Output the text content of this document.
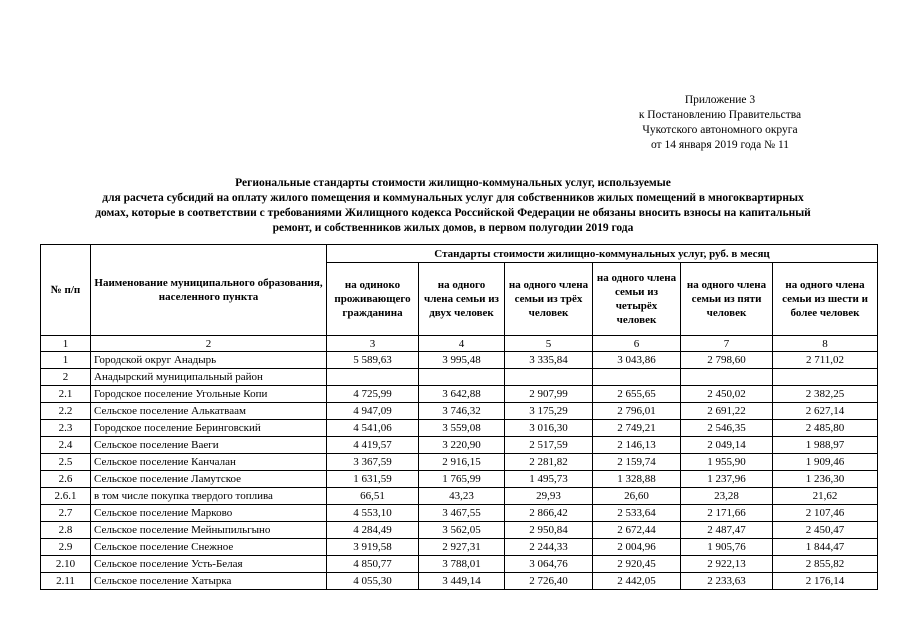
Приложение 3
к Постановлению Правительства
Чукотского автономного округа
от 14 января 2019 года № 11
Региональные стандарты стоимости жилищно-коммунальных услуг, используемые
для расчета субсидий на оплату жилого помещения и коммунальных услуг для собственников жилых помещений в многоквартирных
домах, которые в соответствии с требованиями Жилищного кодекса Российской Федерации не обязаны вносить взносы на капитальный
ремонт, и собственников жилых домов, в первом полугодии 2019 года
№ п/п	Наименование муниципального образования, населенного пункта	Стандарты стоимости жилищно-коммунальных услуг, руб. в месяц					
		на одиноко проживающего гражданина	на одного члена семьи из двух человек	на одного члена семьи из трёх человек	на одного члена семьи из четырёх человек	на одного члена семьи из пяти человек	на одного члена семьи из шести и более человек
1	2	3	4	5	6	7	8
1	Городской округ Анадырь	5 589,63	3 995,48	3 335,84	3 043,86	2 798,60	2 711,02
2	Анадырский муниципальный район						
2.1	Городское поселение Угольные Копи	4 725,99	3 642,88	2 907,99	2 655,65	2 450,02	2 382,25
2.2	Сельское поселение Алькатваам	4 947,09	3 746,32	3 175,29	2 796,01	2 691,22	2 627,14
2.3	Городское поселение Беринговский	4 541,06	3 559,08	3 016,30	2 749,21	2 546,35	2 485,80
2.4	Сельское поселение Ваеги	4 419,57	3 220,90	2 517,59	2 146,13	2 049,14	1 988,97
2.5	Сельское поселение Канчалан	3 367,59	2 916,15	2 281,82	2 159,74	1 955,90	1 909,46
2.6	Сельское поселение Ламутское	1 631,59	1 765,99	1 495,73	1 328,88	1 237,96	1 236,30
2.6.1	в том числе покупка твердого топлива	66,51	43,23	29,93	26,60	23,28	21,62
2.7	Сельское поселение Марково	4 553,10	3 467,55	2 866,42	2 533,64	2 171,66	2 107,46
2.8	Сельское поселение Мейныпильгыно	4 284,49	3 562,05	2 950,84	2 672,44	2 487,47	2 450,47
2.9	Сельское поселение Снежное	3 919,58	2 927,31	2 244,33	2 004,96	1 905,76	1 844,47
2.10	Сельское поселение Усть-Белая	4 850,77	3 788,01	3 064,76	2 920,45	2 922,13	2 855,82
2.11	Сельское поселение Хатырка	4 055,30	3 449,14	2 726,40	2 442,05	2 233,63	2 176,14
